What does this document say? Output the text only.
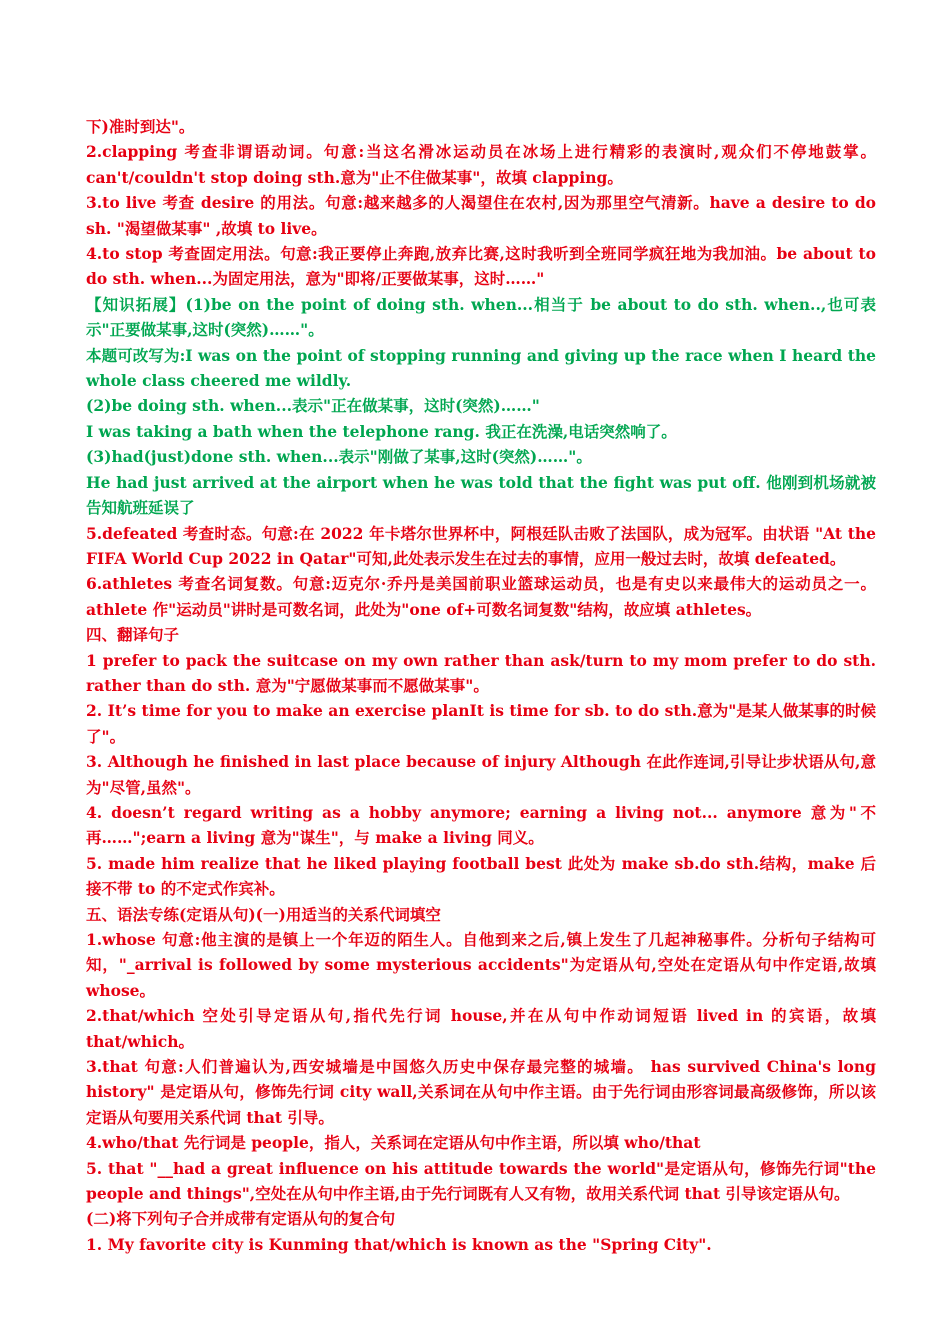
下)准时到达"。

2.clapping 考查非谓语动词。句意:当这名滑冰运动员在冰场上进行精彩的表演时,观众们不停地鼓掌。can't/couldn't stop doing sth.意为"止不住做某事"，故填 clapping。

3.to live 考查 desire 的用法。句意:越来越多的人渴望住在农村,因为那里空气清新。have a desire to do sh. "渴望做某事" ,故填 to live。

4.to stop 考查固定用法。句意:我正要停止奔跑,放弃比赛,这时我听到全班同学疯狂地为我加油。be about to do sth. when...为固定用法，意为"即将/正要做某事，这时……"

【知识拓展】(1)be on the point of doing sth. when...相当于 be about to do sth. when..,也可表示"正要做某事,这时(突然)……"。

本题可改写为:I was on the point of stopping running and giving up the race when I heard the whole class cheered me wildly.

(2)be doing sth. when...表示"正在做某事，这时(突然)……"

I was taking a bath when the telephone rang. 我正在洗澡,电话突然响了。

(3)had(just)done sth. when...表示"刚做了某事,这时(突然)……"。

He had just arrived at the airport when he was told that the fight was put off. 他刚到机场就被告知航班延误了

5.defeated 考查时态。句意:在 2022 年卡塔尔世界杯中，阿根廷队击败了法国队，成为冠军。由状语 "At the FIFA World Cup 2022 in Qatar"可知,此处表示发生在过去的事情，应用一般过去时，故填 defeated。

6.athletes 考查名词复数。句意:迈克尔·乔丹是美国前职业篮球运动员，也是有史以来最伟大的运动员之一。athlete 作"运动员"讲时是可数名词，此处为"one of+可数名词复数"结构，故应填 athletes。

四、翻译句子

1 prefer to pack the suitcase on my own rather than ask/turn to my mom prefer to do sth. rather than do sth. 意为"宁愿做某事而不愿做某事"。

2. It’s time for you to make an exercise planIt is time for sb. to do sth.意为"是某人做某事的时候了"。

3. Although he finished in last place because of injury Although 在此作连词,引导让步状语从句,意为"尽管,虽然"。

4. doesn’t regard writing as a hobby anymore; earning a living not... anymore 意为"不再……";earn a living 意为"谋生"，与 make a living 同义。

5. made him realize that he liked playing football best 此处为 make sb.do sth.结构，make 后接不带 to 的不定式作宾补。

五、语法专练(定语从句)(一)用适当的关系代词填空

1.whose 句意:他主演的是镇上一个年迈的陌生人。自他到来之后,镇上发生了几起神秘事件。分析句子结构可知，"_arrival is followed by some mysterious accidents"为定语从句,空处在定语从句中作定语,故填 whose。

2.that/which 空处引导定语从句,指代先行词 house,并在从句中作动词短语 lived in 的宾语，故填 that/which。

3.that 句意:人们普遍认为,西安城墙是中国悠久历史中保存最完整的城墙。 has survived China's long history" 是定语从句，修饰先行词 city wall,关系词在从句中作主语。由于先行词由形容词最高级修饰，所以该定语从句要用关系代词 that 引导。

4.who/that 先行词是 people，指人，关系词在定语从句中作主语，所以填 who/that

5. that "__had a great influence on his attitude towards the world"是定语从句，修饰先行词"the people and things",空处在从句中作主语,由于先行词既有人又有物，故用关系代词 that 引导该定语从句。

(二)将下列句子合并成带有定语从句的复合句

1. My favorite city is Kunming that/which is known as the "Spring City".
